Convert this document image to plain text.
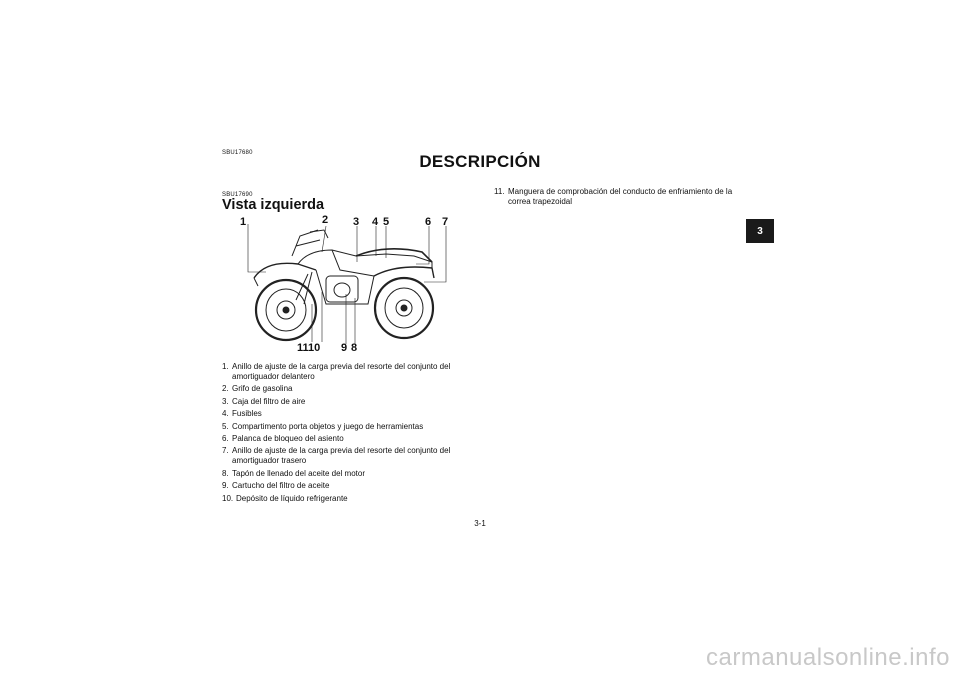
SBU17680	DESCRIPCIÓN
SBU17690
Vista izquierda
1	2 3 4 5	6 7
8
9
1110
1. Anillo de ajuste de la carga previa del resorte del conjunto del amortiguador delantero
2. Grifo de gasolina
3. Caja del filtro de aire
4. Fusibles
5. Compartimento porta objetos y juego de herramientas
6. Palanca de bloqueo del asiento
7. Anillo de ajuste de la carga previa del resorte del conjunto del amortiguador trasero
8. Tapón de llenado del aceite del motor
9. Cartucho del filtro de aceite
10. Depósito de líquido refrigerante
11. Manguera de comprobación del conducto de enfriamiento de la correa trapezoidal
3-1
3
carmanualsonline.info
